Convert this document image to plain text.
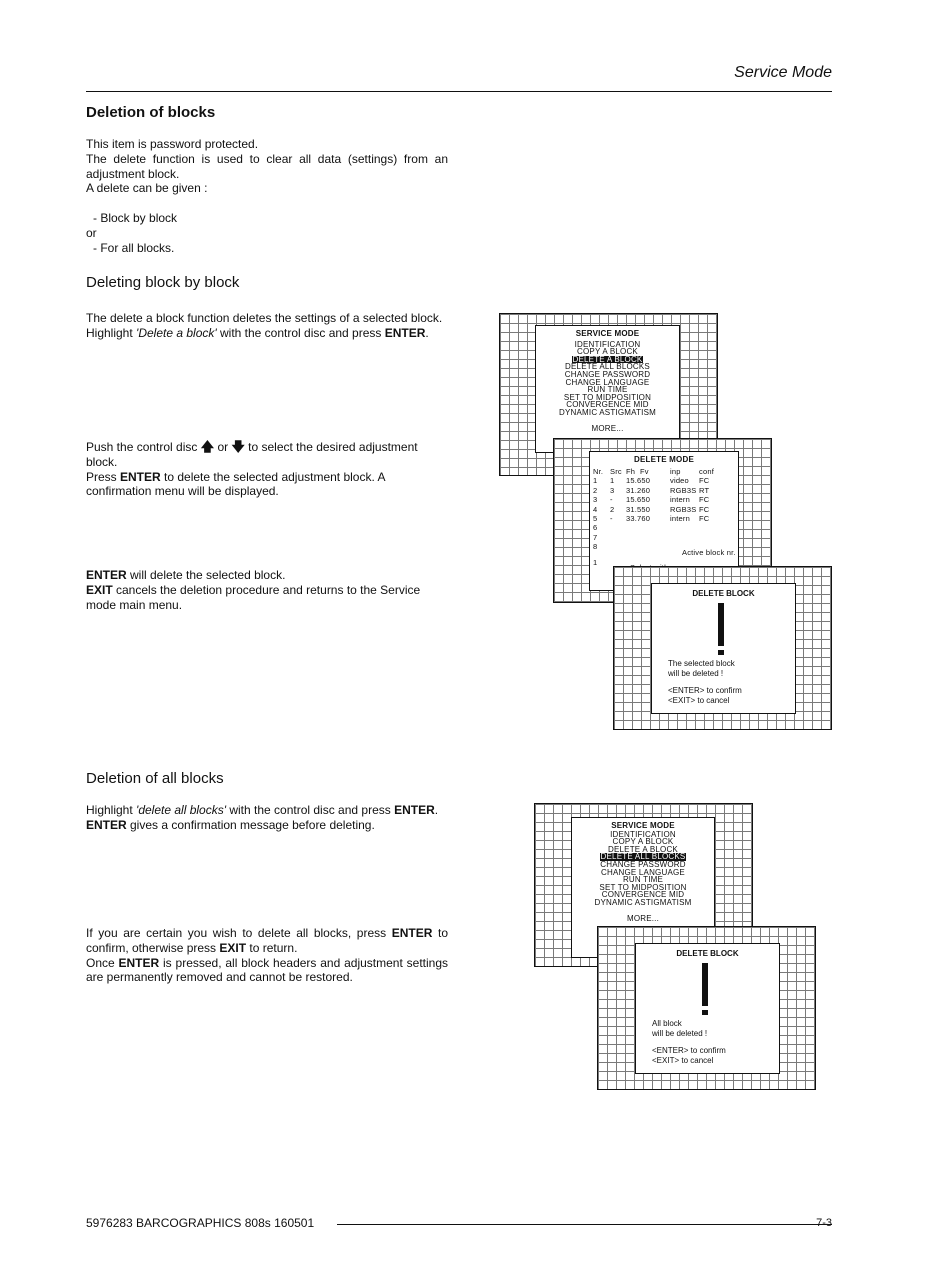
Service Mode
Deletion of blocks

This item is password protected.

The delete function is used to clear all data (settings) from an adjustment block.

A delete can be given :

- Block by block

or

- For all blocks.

Deleting block by block

The delete a block function deletes the settings of a selected block.

Highlight 'Delete a block' with the control disc and press ENTER.

Push the control disc 🡅 or 🡇 to select the desired adjustment block.

Press ENTER to delete the selected adjustment block. A confirmation menu will be displayed.

ENTER will delete the selected block.

EXIT cancels the deletion procedure and returns to the Service mode main menu.

Deletion of all blocks

Highlight 'delete all blocks' with the control disc and press ENTER.

ENTER gives a confirmation message before deleting.

If you are certain you wish to delete all blocks, press ENTER to confirm, otherwise press EXIT to return.

Once ENTER is pressed, all block headers and adjustment settings are permanently removed and cannot be restored.

SERVICE MODE
IDENTIFICATION
COPY A BLOCK
DELETE A BLOCK
DELETE ALL BLOCKS
CHANGE PASSWORD
CHANGE LANGUAGE
RUN TIME
SET TO MIDPOSITION
CONVERGENCE MID
DYNAMIC ASTIGMATISM
MORE...
DELETE MODE
Nr. Src Fh Fv	inp	conf
1	1	15.650	video	FC
2	3	31.260	RGB3S RT
3	-	15.650	intern	FC
4	2	31.550	RGB3S FC
5	-	33.760	intern	FC
6
7
8
Active block nr.
1
DELETE BLOCK
The selected block
will be deleted !
<ENTER> to confirm
<EXIT> to cancel
SERVICE MODE
IDENTIFICATION
COPY A BLOCK
DELETE A BLOCK
DELETE ALL BLOCKS
CHANGE PASSWORD
CHANGE LANGUAGE
RUN TIME
SET TO MIDPOSITION
CONVERGENCE MID
DYNAMIC ASTIGMATISM
MORE...
DELETE BLOCK
All block
will be deleted !
<ENTER> to confirm
<EXIT> to cancel
5976283 BARCOGRAPHICS 808s 160501	7-3
